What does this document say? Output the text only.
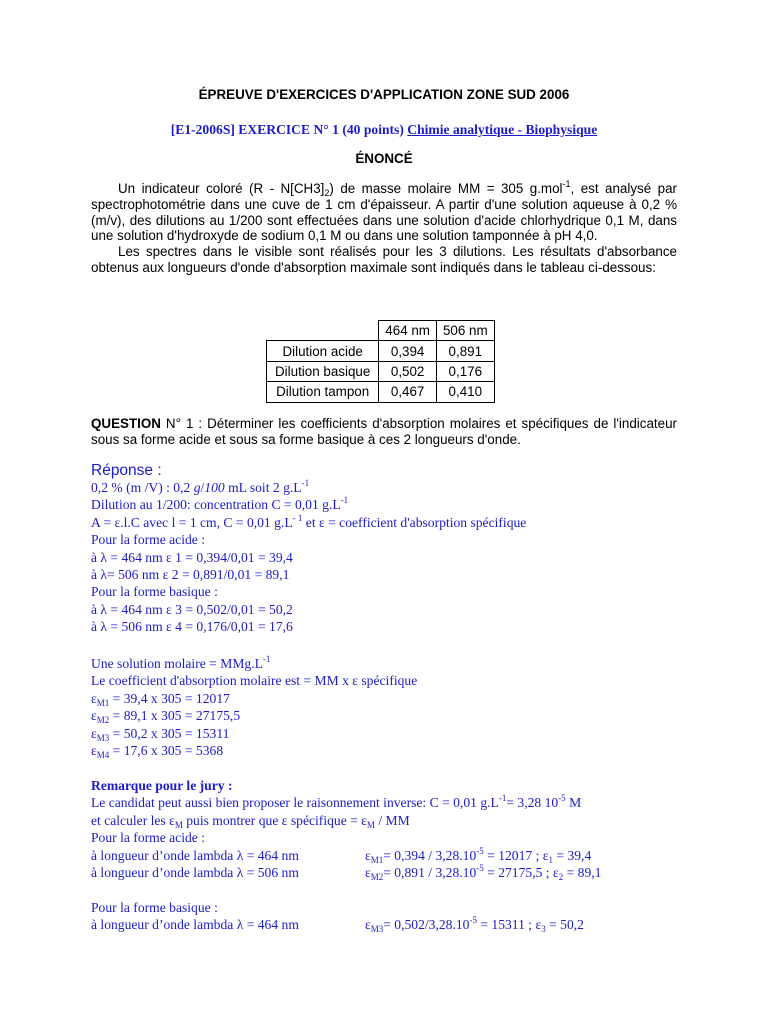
ÉPREUVE D'EXERCICES D'APPLICATION ZONE SUD 2006
[E1-2006S] EXERCICE N° 1 (40 points) Chimie analytique - Biophysique
ÉNONCÉ

Un indicateur coloré $(R - N[CH3]_2)$ de masse molaire MM = 305 g.mol$^{-1}$, est analysé par spectrophotométrie dans une cuve de 1 cm d'épaisseur. A partir d'une solution aqueuse à 0,2 % (m/v), des dilutions au 1/200 sont effectuées dans une solution d'acide chlorhydrique 0,1 M, dans une solution d'hydroxyde de sodium 0,1 M ou dans une solution tamponnée à pH 4,0.

Les spectres dans le visible sont réalisés pour les 3 dilutions. Les résultats d'absorbance obtenus aux longueurs d'onde d'absorption maximale sont indiqués dans le tableau ci-dessous:

	464 nm	506 nm
Dilution acide	0,394	0,891
Dilution basique	0,502	0,176
Dilution tampon	0,467	0,410
QUESTION N° 1 : Déterminer les coefficients d'absorption molaires et spécifiques de l'indicateur sous sa forme acide et sous sa forme basique à ces 2 longueurs d'onde.
Réponse :
0,2 % (m /V) : 0,2 g/100 mL soit 2 $g.L^{-1}$
Dilution au 1/200: concentration C = 0,01 $g.L^{-1}$
A = ε.l.C avec l = 1 cm, C = 0,01 $g.L^{- 1}$ et ε = coefficient d'absorption spécifique
Pour la forme acide :
à λ = 464 nm ε 1 = 0,394/0,01 = 39,4
à λ= 506 nm ε 2 = 0,891/0,01 = 89,1
Pour la forme basique :
à λ = 464 nm ε 3 = 0,502/0,01 = 50,2
à λ = 506 nm ε 4 = 0,176/0,01 = 17,6
Une solution molaire = $MMg.L^{-1}$
Le coefficient d'absorption molaire est = MM x ε spécifique
$\varepsilon_{M1} = 39,4$ x 305 = 12017
$\varepsilon_{M2} = 89,1$ x 305 = 27175,5
$\varepsilon_{M3} = 50,2$ x 305 = 15311
$\varepsilon_{M4} = 17,6$ x 305 = 5368
Remarque pour le jury :
Le candidat peut aussi bien proposer le raisonnement inverse: C = 0,01 $g.L^{-1}= 3,28$ $10^{-5}$ M
et calculer les $\varepsilon_M$ puis montrer que ε spécifique = $\varepsilon_M$ / MM
Pour la forme acide :
à longueur d’onde lambda λ = 464 nm	$\varepsilon_{M1}= 0,394 / 3,28.10^{-5} = 12017$ ; $\varepsilon_1 = 39,4$
à longueur d’onde lambda λ = 506 nm	$\varepsilon_{M2}= 0,891 / 3,28.10^{-5} = 27175,5$ ; $\varepsilon_2 = 89,1$
Pour la forme basique :
à longueur d’onde lambda λ = 464 nm	$\varepsilon_{M3}= 0,502/3,28.10^{-5} = 15311$ ; $\varepsilon_3 = 50,2$
